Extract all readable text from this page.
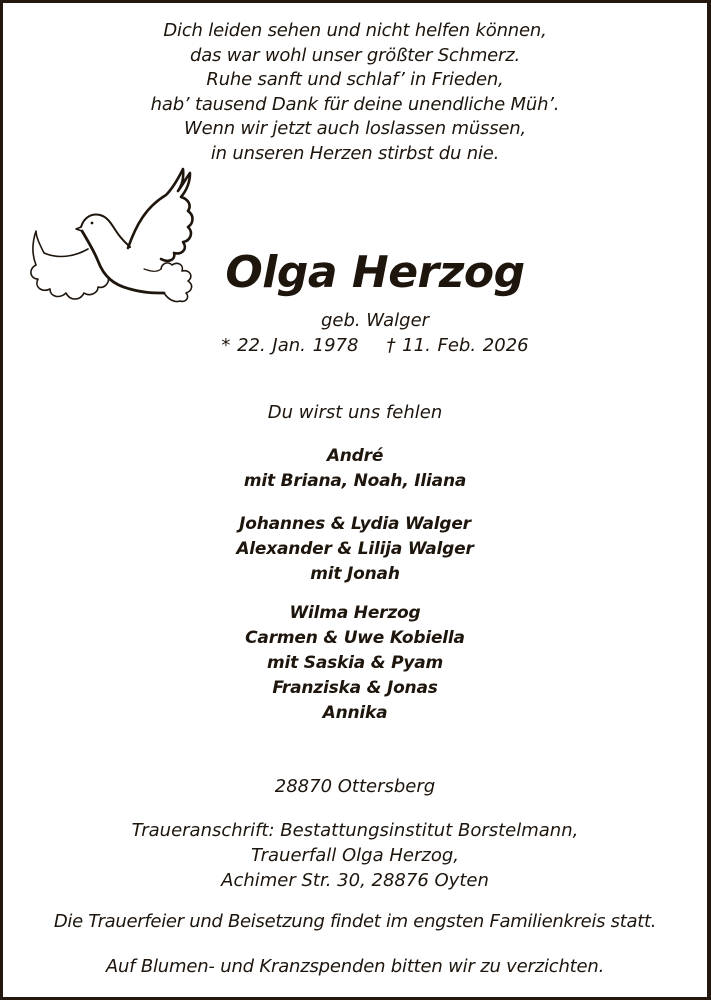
Dich leiden sehen und nicht helfen können,
das war wohl unser größter Schmerz.
Ruhe sanft und schlaf’ in Frieden,
hab’ tausend Dank für deine unendliche Müh’.
Wenn wir jetzt auch loslassen müssen,
in unseren Herzen stirbst du nie.
Olga Herzog
geb. Walger
* 22. Jan. 1978 † 11. Feb. 2026
Du wirst uns fehlen
André
mit Briana, Noah, Iliana
Johannes & Lydia Walger
Alexander & Lilija Walger
mit Jonah
Wilma Herzog
Carmen & Uwe Kobiella
mit Saskia & Pyam
Franziska & Jonas
Annika
28870 Ottersberg
Traueranschrift: Bestattungsinstitut Borstelmann,
Trauerfall Olga Herzog,
Achimer Str. 30, 28876 Oyten
Die Trauerfeier und Beisetzung findet im engsten Familienkreis statt.
Auf Blumen- und Kranzspenden bitten wir zu verzichten.
